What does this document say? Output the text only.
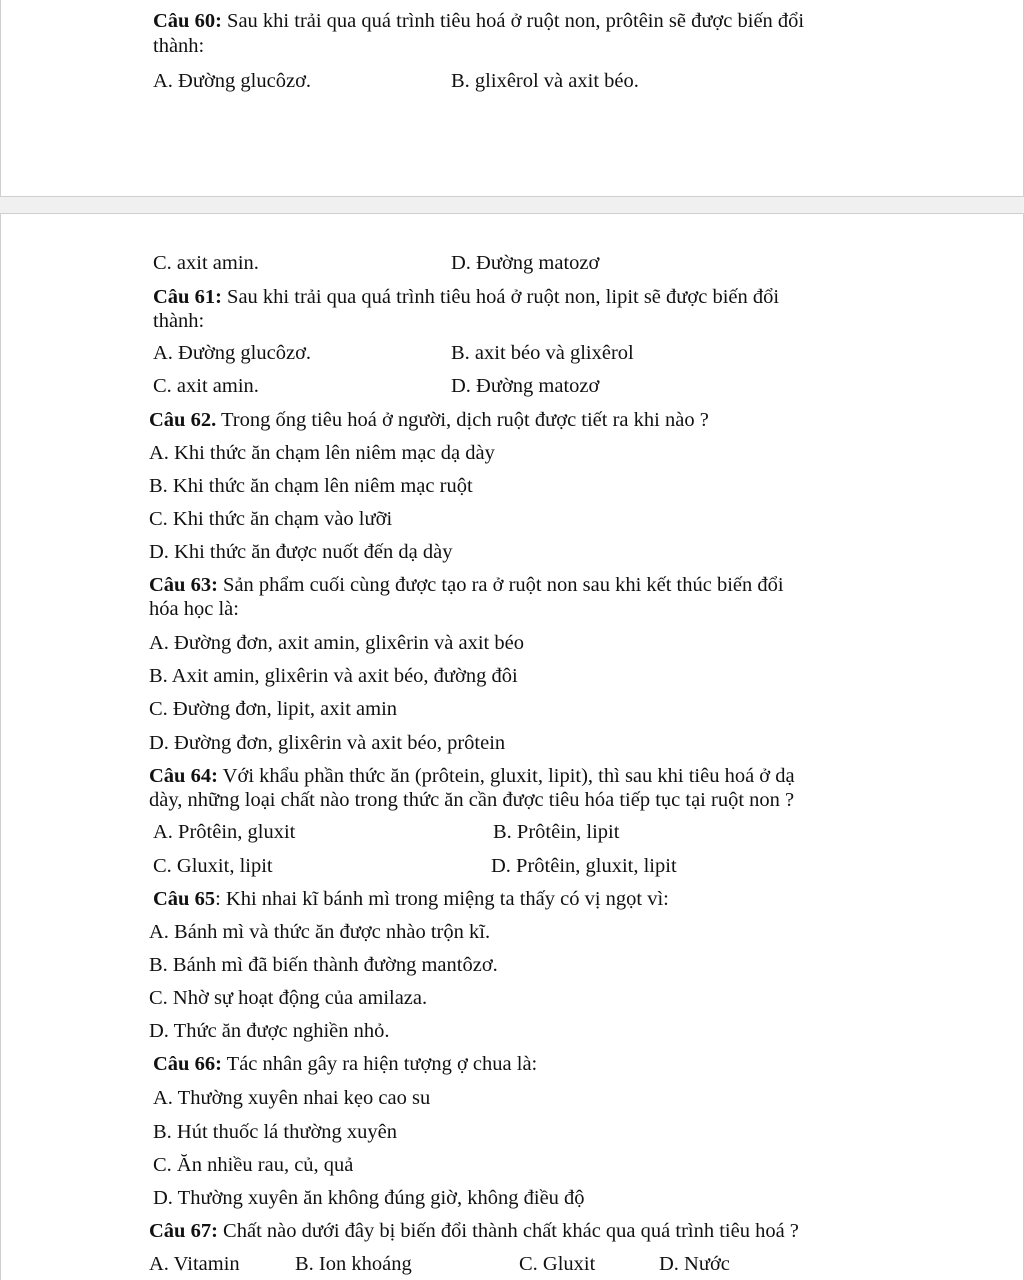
Câu 60: Sau khi trải qua quá trình tiêu hoá ở ruột non, prôtêin sẽ được biến đổi
thành:
A. Đường glucôzơ.	B. glixêrol và axit béo.
C. axit amin.	D. Đường matozơ
Câu 61: Sau khi trải qua quá trình tiêu hoá ở ruột non, lipit sẽ được biến đổi
thành:
A. Đường glucôzơ.	B. axit béo và glixêrol
C. axit amin.	D. Đường matozơ
Câu 62. Trong ống tiêu hoá ở người, dịch ruột được tiết ra khi nào ?
A. Khi thức ăn chạm lên niêm mạc dạ dày
B. Khi thức ăn chạm lên niêm mạc ruột
C. Khi thức ăn chạm vào lưỡi
D. Khi thức ăn được nuốt đến dạ dày
Câu 63: Sản phẩm cuối cùng được tạo ra ở ruột non sau khi kết thúc biến đổi
hóa học là:
A. Đường đơn, axit amin, glixêrin và axit béo
B. Axit amin, glixêrin và axit béo, đường đôi
C. Đường đơn, lipit, axit amin
D. Đường đơn, glixêrin và axit béo, prôtein
Câu 64: Với khẩu phần thức ăn (prôtein, gluxit, lipit), thì sau khi tiêu hoá ở dạ
dày, những loại chất nào trong thức ăn cần được tiêu hóa tiếp tục tại ruột non ?
A. Prôtêin, gluxit	B. Prôtêin, lipit
C. Gluxit, lipit	D. Prôtêin, gluxit, lipit
Câu 65: Khi nhai kĩ bánh mì trong miệng ta thấy có vị ngọt vì:
A. Bánh mì và thức ăn được nhào trộn kĩ.
B. Bánh mì đã biến thành đường mantôzơ.
C. Nhờ sự hoạt động của amilaza.
D. Thức ăn được nghiền nhỏ.
Câu 66: Tác nhân gây ra hiện tượng ợ chua là:
A. Thường xuyên nhai kẹo cao su
B. Hút thuốc lá thường xuyên
C. Ăn nhiều rau, củ, quả
D. Thường xuyên ăn không đúng giờ, không điều độ
Câu 67: Chất nào dưới đây bị biến đổi thành chất khác qua quá trình tiêu hoá ?
A. Vitamin	B. Ion khoáng	C. Gluxit	D. Nước
